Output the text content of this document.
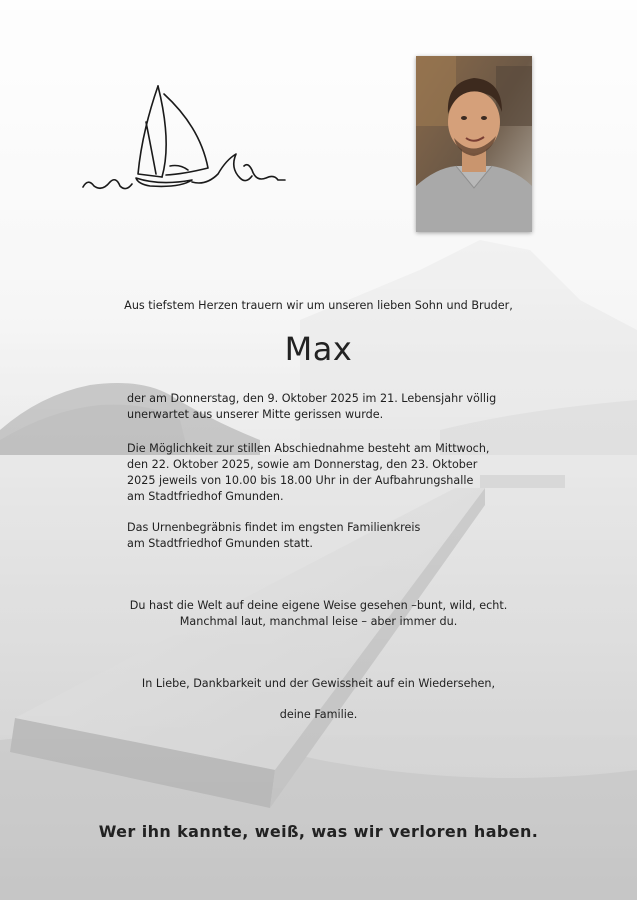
Aus tiefstem Herzen trauern wir um unseren lieben Sohn und Bruder,
Max
der am Donnerstag, den 9. Oktober 2025 im 21. Lebensjahr völlig
unerwartet aus unserer Mitte gerissen wurde.
Die Möglichkeit zur stillen Abschiednahme besteht am Mittwoch,
den 22. Oktober 2025, sowie am Donnerstag, den 23. Oktober
2025 jeweils von 10.00 bis 18.00 Uhr in der Aufbahrungshalle
am Stadtfriedhof Gmunden.
Das Urnenbegräbnis findet im engsten Familienkreis
am Stadtfriedhof Gmunden statt.
Du hast die Welt auf deine eigene Weise gesehen –bunt, wild, echt.
Manchmal laut, manchmal leise – aber immer du.
In Liebe, Dankbarkeit und der Gewissheit auf ein Wiedersehen,
deine Familie.
Wer ihn kannte, weiß, was wir verloren haben.
